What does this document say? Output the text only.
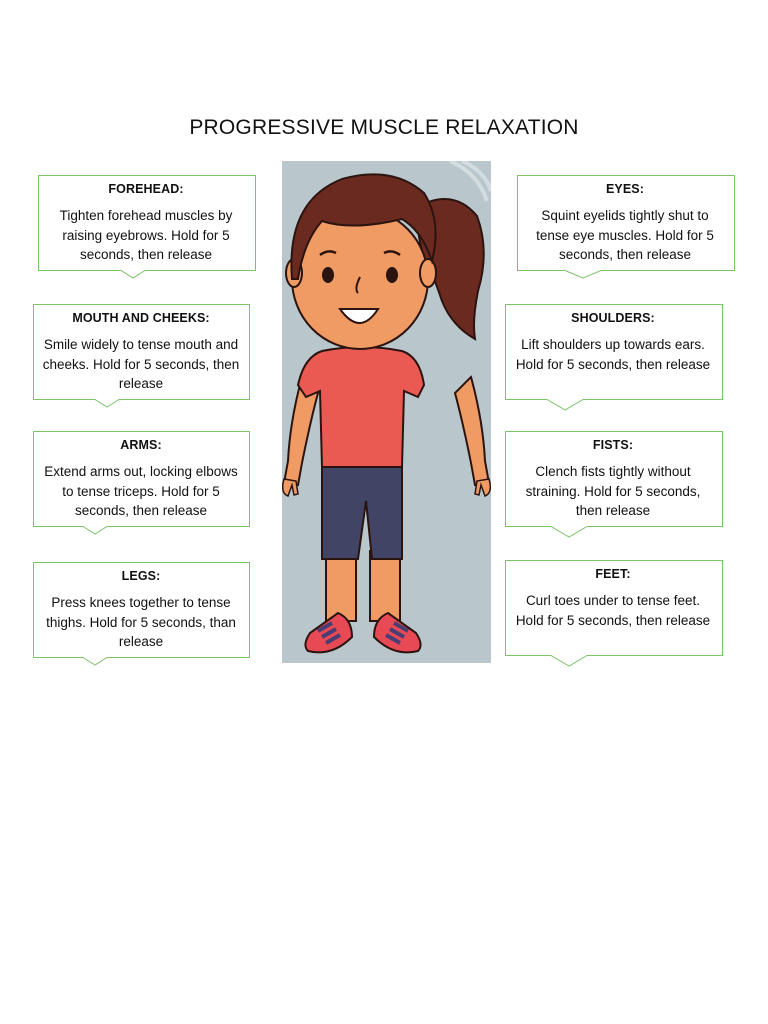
PROGRESSIVE MUSCLE RELAXATION
FOREHEAD:
Tighten forehead muscles by raising eyebrows. Hold for 5 seconds, then release
MOUTH AND CHEEKS:
Smile widely to tense mouth and cheeks. Hold for 5 seconds, then release
ARMS:
Extend arms out, locking elbows to tense triceps. Hold for 5 seconds, then release
LEGS:
Press knees together to tense thighs. Hold for 5 seconds, than release
EYES:
Squint eyelids tightly shut to tense eye muscles. Hold for 5 seconds, then release
SHOULDERS:
Lift shoulders up towards ears. Hold for 5 seconds, then release
FISTS:
Clench fists tightly without straining. Hold for 5 seconds, then release
FEET:
Curl toes under to tense feet. Hold for 5 seconds, then release
